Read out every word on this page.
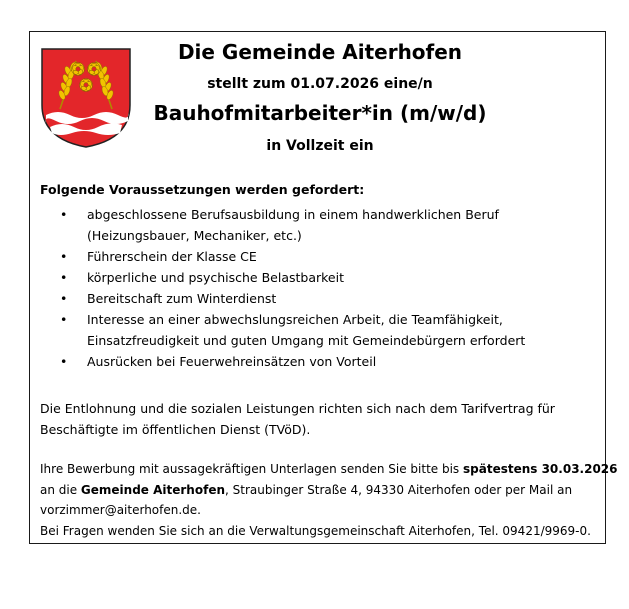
Die Gemeinde Aiterhofen
stellt zum 01.07.2026 eine/n
Bauhofmitarbeiter*in (m/w/d)
in Vollzeit ein
Folgende Voraussetzungen werden gefordert:
• abgeschlossene Berufsausbildung in einem handwerklichen Beruf
(Heizungsbauer, Mechaniker, etc.)
• Führerschein der Klasse CE
• körperliche und psychische Belastbarkeit
• Bereitschaft zum Winterdienst
• Interesse an einer abwechslungsreichen Arbeit, die Teamfähigkeit,
Einsatzfreudigkeit und guten Umgang mit Gemeindebürgern erfordert
• Ausrücken bei Feuerwehreinsätzen von Vorteil
Die Entlohnung und die sozialen Leistungen richten sich nach dem Tarifvertrag für
Beschäftigte im öffentlichen Dienst (TVöD).
Ihre Bewerbung mit aussagekräftigen Unterlagen senden Sie bitte bis spätestens 30.03.2026
an die Gemeinde Aiterhofen, Straubinger Straße 4, 94330 Aiterhofen oder per Mail an
vorzimmer@aiterhofen.de.
Bei Fragen wenden Sie sich an die Verwaltungsgemeinschaft Aiterhofen, Tel. 09421/9969-0.
